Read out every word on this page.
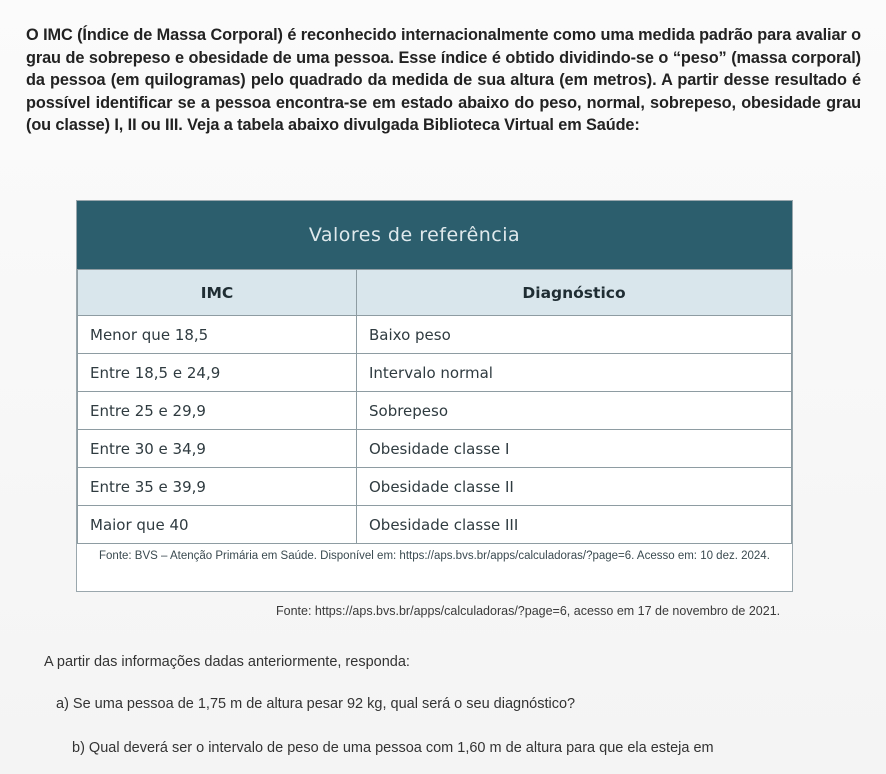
O IMC (Índice de Massa Corporal) é reconhecido internacionalmente como uma medida padrão para avaliar o grau de sobrepeso e obesidade de uma pessoa. Esse índice é obtido dividindo-se o “peso” (massa corporal) da pessoa (em quilogramas) pelo quadrado da medida de sua altura (em metros). A partir desse resultado é possível identificar se a pessoa encontra-se em estado abaixo do peso, normal, sobrepeso, obesidade grau (ou classe) I, II ou III. Veja a tabela abaixo divulgada Biblioteca Virtual em Saúde:

Valores de referência
IMC	Diagnóstico
Menor que 18,5	Baixo peso
Entre 18,5 e 24,9	Intervalo normal
Entre 25 e 29,9	Sobrepeso
Entre 30 e 34,9	Obesidade classe I
Entre 35 e 39,9	Obesidade classe II
Maior que 40	Obesidade classe III
Fonte: BVS – Atenção Primária em Saúde. Disponível em: https://aps.bvs.br/apps/calculadoras/?page=6. Acesso em: 10 dez. 2024.
Fonte: https://aps.bvs.br/apps/calculadoras/?page=6, acesso em 17 de novembro de 2021.
A partir das informações dadas anteriormente, responda:
a) Se uma pessoa de 1,75 m de altura pesar 92 kg, qual será o seu diagnóstico?
b) Qual deverá ser o intervalo de peso de uma pessoa com 1,60 m de altura para que ela esteja em
